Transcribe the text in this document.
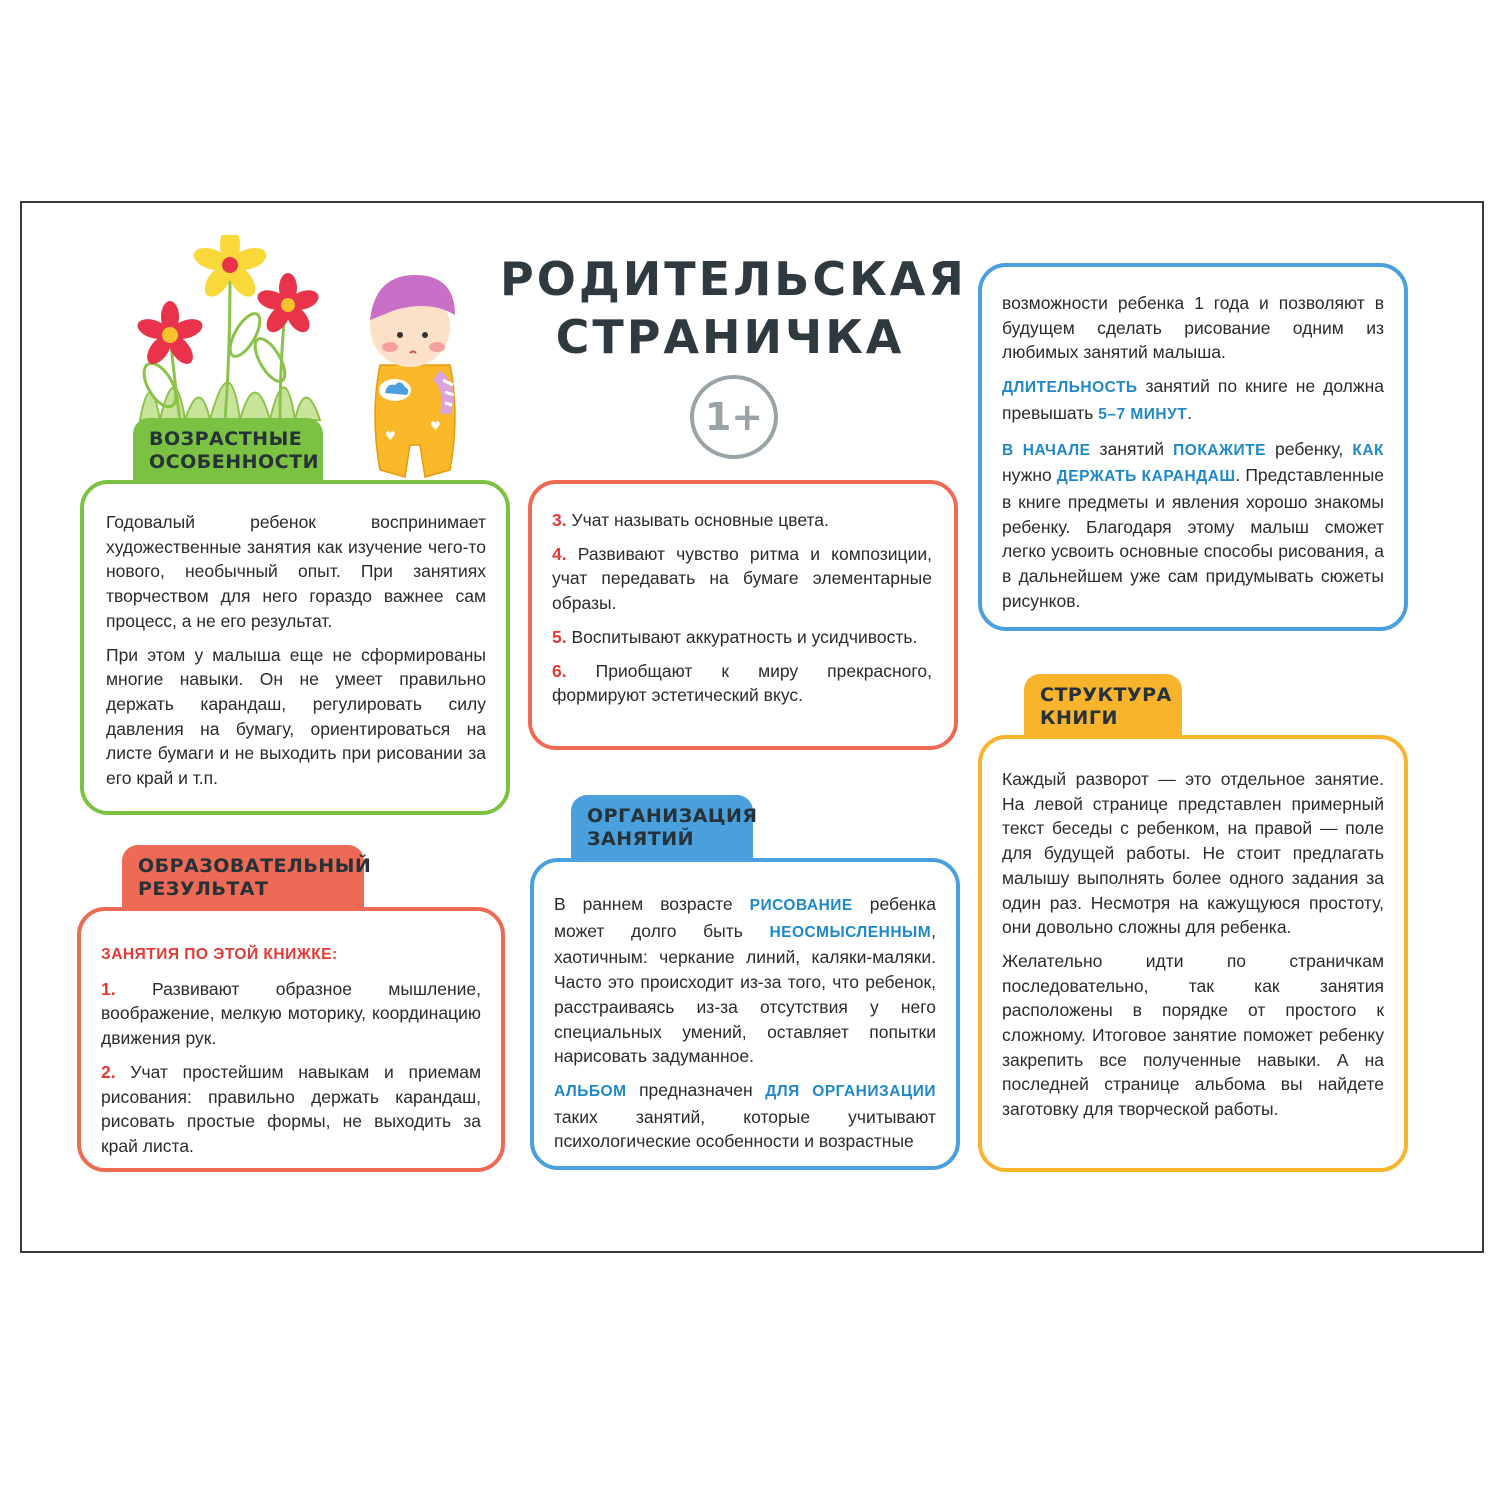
♥
♥
♥
РОДИТЕЛЬСКАЯ
СТРАНИЧКА
1+
ВОЗРАСТНЫЕ
ОСОБЕННОСТИ

Годовалый ребенок воспринимает художественные занятия как изучение чего-то нового, необычный опыт. При занятиях творчеством для него гораздо важнее сам процесс, а не его результат.

При этом у малыша еще не сформированы многие навыки. Он не умеет правильно держать карандаш, регулировать силу давления на бумагу, ориентироваться на листе бумаги и не выходить при рисовании за его край и т.п.

ОБРАЗОВАТЕЛЬНЫЙ
РЕЗУЛЬТАТ

ЗАНЯТИЯ ПО ЭТОЙ КНИЖКЕ:

1. Развивают образное мышление, воображение, мелкую моторику, координацию движения рук.

2. Учат простейшим навыкам и приемам рисования: правильно держать карандаш, рисовать простые формы, не выходить за край листа.

3. Учат называть основные цвета.

4. Развивают чувство ритма и композиции, учат передавать на бумаге элементарные образы.

5. Воспитывают аккуратность и усидчивость.

6. Приобщают к миру прекрасного, формируют эстетический вкус.

ОРГАНИЗАЦИЯ
ЗАНЯТИЙ

В раннем возрасте РИСОВАНИЕ ребенка может долго быть НЕОСМЫСЛЕННЫМ, хаотичным: черкание линий, каляки-маляки. Часто это происходит из-за того, что ребенок, расстраиваясь из-за отсутствия у него специальных умений, оставляет попытки нарисовать задуманное.

АЛЬБОМ предназначен ДЛЯ ОРГАНИЗАЦИИ таких занятий, которые учитывают психологические особенности и возрастные

возможности ребенка 1 года и позволяют в будущем сделать рисование одним из любимых занятий малыша.

ДЛИТЕЛЬНОСТЬ занятий по книге не должна превышать 5–7 МИНУТ.

В НАЧАЛЕ занятий ПОКАЖИТЕ ребенку, КАК нужно ДЕРЖАТЬ КАРАНДАШ. Представленные в книге предметы и явления хорошо знакомы ребенку. Благодаря этому малыш сможет легко усвоить основные способы рисования, а в дальнейшем уже сам придумывать сюжеты рисунков.

СТРУКТУРА
КНИГИ

Каждый разворот — это отдельное занятие. На левой странице представлен примерный текст беседы с ребенком, на правой — поле для будущей работы. Не стоит предлагать малышу выполнять более одного задания за один раз. Несмотря на кажущуюся простоту, они довольно сложны для ребенка.

Желательно идти по страничкам последовательно, так как занятия расположены в порядке от простого к сложному. Итоговое занятие поможет ребенку закрепить все полученные навыки. А на последней странице альбома вы найдете заготовку для творческой работы.
